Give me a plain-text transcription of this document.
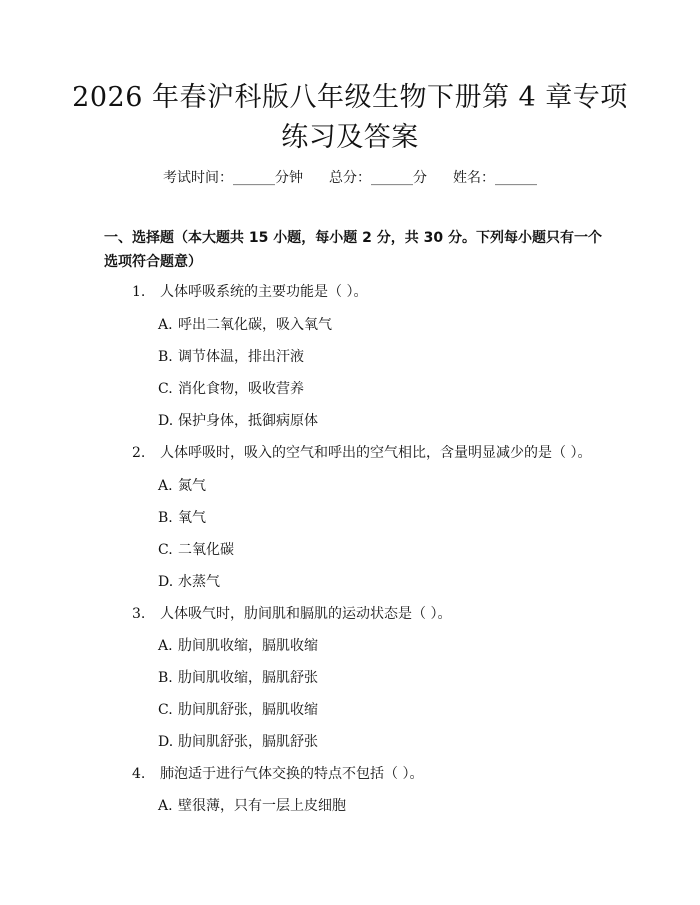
2026 年春沪科版八年级生物下册第 4 章专项
练习及答案
考试时间：______分钟 总分：______分 姓名：______
一、选择题（本大题共 15 小题，每小题 2 分，共 30 分。下列每小题只有一个选项符合题意）
1. 人体呼吸系统的主要功能是（ ）。
A. 呼出二氧化碳，吸入氧气
B. 调节体温，排出汗液
C. 消化食物，吸收营养
D. 保护身体，抵御病原体
2. 人体呼吸时，吸入的空气和呼出的空气相比，含量明显减少的是（ ）。
A. 氮气
B. 氧气
C. 二氧化碳
D. 水蒸气
3. 人体吸气时，肋间肌和膈肌的运动状态是（ ）。
A. 肋间肌收缩，膈肌收缩
B. 肋间肌收缩，膈肌舒张
C. 肋间肌舒张，膈肌收缩
D. 肋间肌舒张，膈肌舒张
4. 肺泡适于进行气体交换的特点不包括（ ）。
A. 壁很薄，只有一层上皮细胞
